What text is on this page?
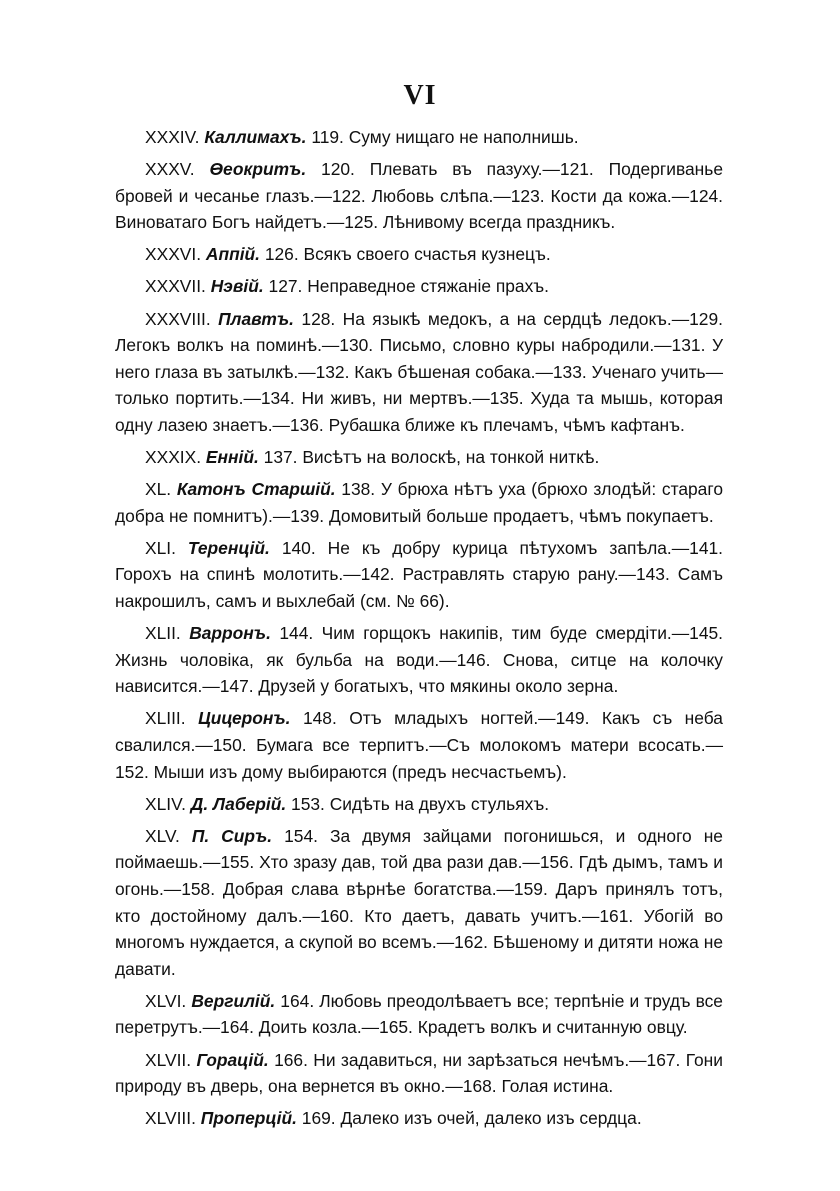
VI

XXXIV. Каллимахъ. 119. Суму нищаго не наполнишь.

XXXV. Ѳеокритъ. 120. Плевать въ пазуху.—121. Подергиванье бровей и чесанье глазъ.—122. Любовь слѣпа.—123. Кости да кожа.—124. Виноватаго Богъ найдетъ.—125. Лѣнивому всегда праздникъ.

XXXVI. Аппій. 126. Всякъ своего счастья кузнецъ.

XXXVII. Нэвій. 127. Неправедное стяжаніе прахъ.

XXXVIII. Плавтъ. 128. На языкѣ медокъ, а на сердцѣ ледокъ.—129. Легокъ волкъ на поминѣ.—130. Письмо, словно куры набродили.—131. У него глаза въ затылкѣ.—132. Какъ бѣшеная собака.—133. Ученаго учить—только портить.—134. Ни живъ, ни мертвъ.—135. Худа та мышь, которая одну лазею знаетъ.—136. Рубашка ближе къ плечамъ, чѣмъ кафтанъ.

XXXIX. Енній. 137. Висѣтъ на волоскѣ, на тонкой ниткѣ.

XL. Катонъ Старшій. 138. У брюха нѣтъ уха (брюхо злодѣй: стараго добра не помнитъ).—139. Домовитый больше продаетъ, чѣмъ покупаетъ.

XLI. Теренцій. 140. Не къ добру курица пѣтухомъ запѣла.—141. Горохъ на спинѣ молотить.—142. Растравлять старую рану.—143. Самъ накрошилъ, самъ и выхлебай (см. № 66).

XLII. Варронъ. 144. Чим горщокъ накипів, тим буде смердіти.—145. Жизнь чоловіка, як бульба на води.—146. Снова, ситце на колочку нависится.—147. Друзей у богатыхъ, что мякины около зерна.

XLIII. Цицеронъ. 148. Отъ младыхъ ногтей.—149. Какъ съ неба свалился.—150. Бумага все терпитъ.—Съ молокомъ матери всосать.—152. Мыши изъ дому выбираются (предъ несчастьемъ).

XLIV. Д. Лаберій. 153. Сидѣть на двухъ стульяхъ.

XLV. П. Сиръ. 154. За двумя зайцами погонишься, и одного не поймаешь.—155. Хто зразу дав, той два рази дав.—156. Гдѣ дымъ, тамъ и огонь.—158. Добрая слава вѣрнѣе богатства.—159. Даръ принялъ тотъ, кто достойному далъ.—160. Кто даетъ, давать учитъ.—161. Убогій во многомъ нуждается, а скупой во всемъ.—162. Бѣшеному и дитяти ножа не давати.

XLVI. Вергилій. 164. Любовь преодолѣваетъ все; терпѣніе и трудъ все перетрутъ.—164. Доить козла.—165. Крадетъ волкъ и считанную овцу.

XLVII. Горацій. 166. Ни задавиться, ни зарѣзаться нечѣмъ.—167. Гони природу въ дверь, она вернется въ окно.—168. Голая истина.

XLVIII. Проперцій. 169. Далеко изъ очей, далеко изъ сердца.
